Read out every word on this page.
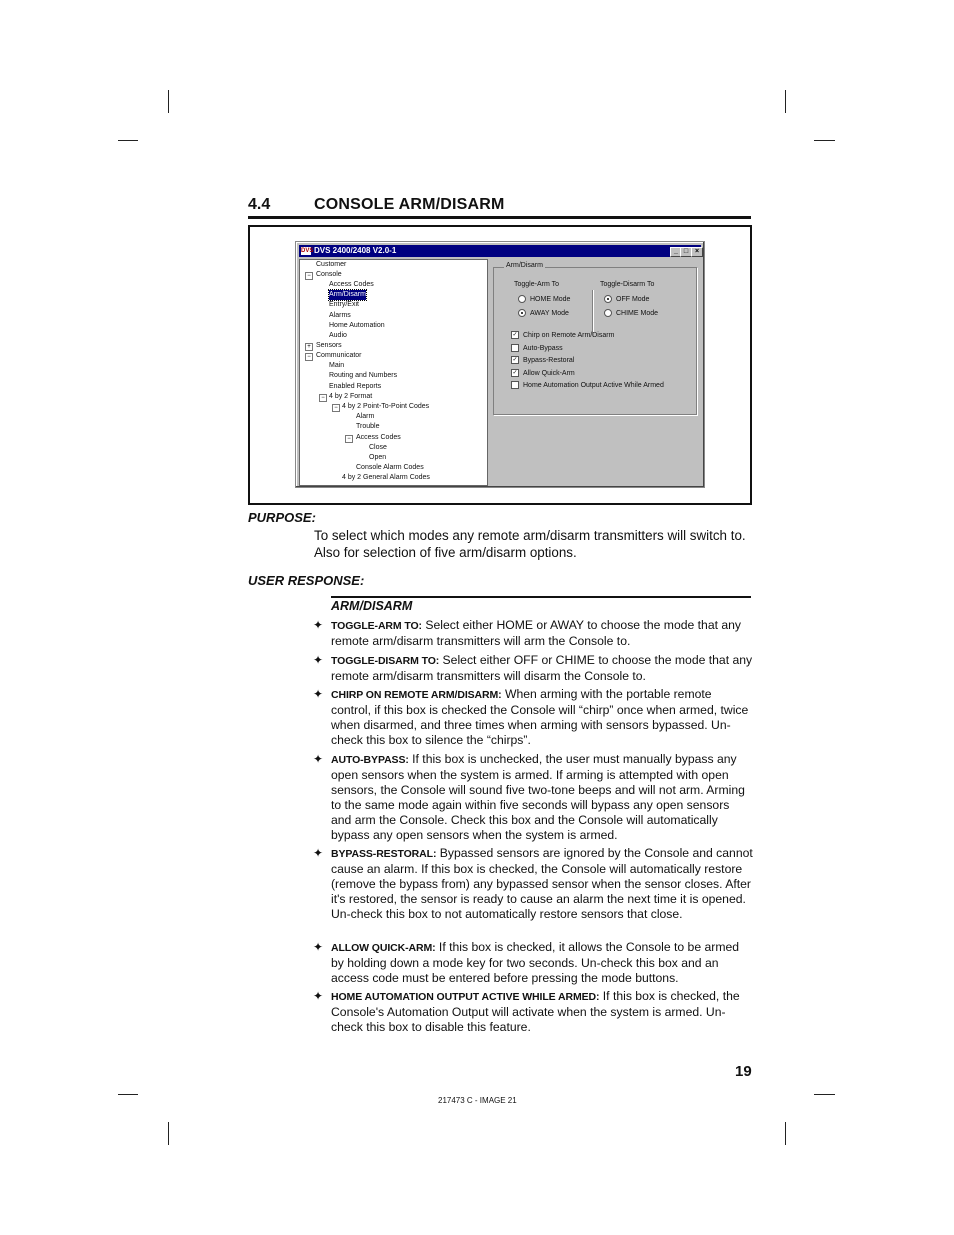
4.4	CONSOLE ARM/DISARM
DVS DVS 2400/2408 V2.0-1	_ □ ×
−
+
−
−
−
−
Customer
Console
Access Codes
Arm/Disarm
Entry/Exit
Alarms
Home Automation
Audio
Sensors
Communicator
Main
Routing and Numbers
Enabled Reports
4 by 2 Format
4 by 2 Point-To-Point Codes
Alarm
Trouble
Access Codes
Close
Open
Console Alarm Codes
4 by 2 General Alarm Codes
Arm/Disarm
Toggle-Arm To
HOME Mode
AWAY Mode
Toggle-Disarm To
OFF Mode
CHIME Mode
✓ Chirp on Remote Arm/Disarm
Auto-Bypass
✓ Bypass-Restoral
✓ Allow Quick-Arm
Home Automation Output Active While Armed
PURPOSE:
To select which modes any remote arm/disarm transmitters will switch to. Also for selection of five arm/disarm options.
USER RESPONSE:
ARM/DISARM
✦ TOGGLE-ARM TO: Select either HOME or AWAY to choose the mode that any remote arm/disarm transmitters will arm the Console to.
✦ TOGGLE-DISARM TO: Select either OFF or CHIME to choose the mode that any remote arm/disarm transmitters will disarm the Console to.
✦ CHIRP ON REMOTE ARM/DISARM: When arming with the portable remote control, if this box is checked the Console will “chirp” once when armed, twice when disarmed, and three times when arming with sensors bypassed. Un-check this box to silence the “chirps”.
✦ AUTO-BYPASS: If this box is unchecked, the user must manually bypass any open sensors when the system is armed. If arming is attempted with open sensors, the Console will sound five two-tone beeps and will not arm. Arming to the same mode again within five seconds will bypass any open sensors and arm the Console. Check this box and the Console will automatically bypass any open sensors when the system is armed.
✦ BYPASS-RESTORAL: Bypassed sensors are ignored by the Console and cannot cause an alarm. If this box is checked, the Console will automatically restore (remove the bypass from) any bypassed sensor when the sensor closes. After it's restored, the sensor is ready to cause an alarm the next time it is opened. Un-check this box to not automatically restore sensors that close.
✦ ALLOW QUICK-ARM: If this box is checked, it allows the Console to be armed by holding down a mode key for two seconds. Un-check this box and an access code must be entered before pressing the mode buttons.
✦ HOME AUTOMATION OUTPUT ACTIVE WHILE ARMED: If this box is checked, the Console's Automation Output will activate when the system is armed. Un-check this box to disable this feature.
19
217473 C - IMAGE 21
